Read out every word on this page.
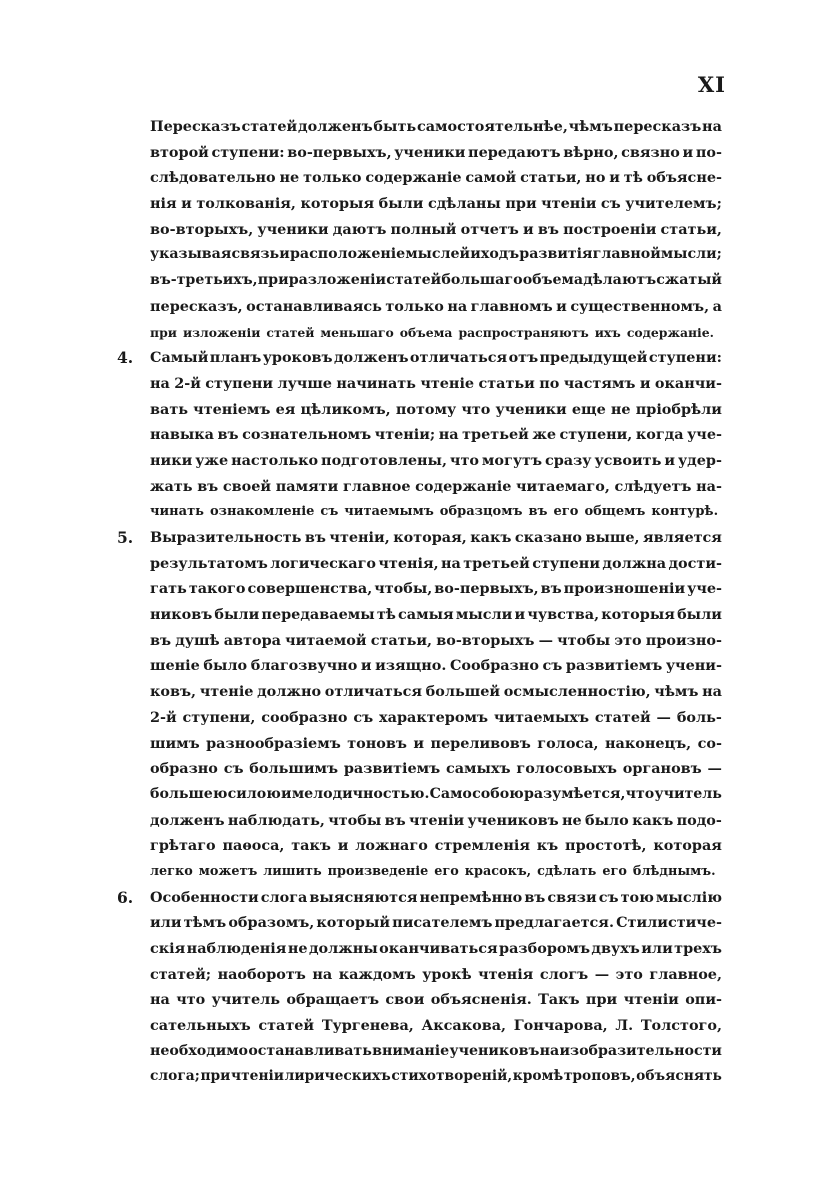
XI
Пересказъ статей долженъ быть самостоятельнѣе, чѣмъ пересказъ на
второй ступени: во-первыхъ, ученики передаютъ вѣрно, связно и по-
слѣдовательно не только содержаніе самой статьи, но и тѣ объясне-
нія и толкованія, которыя были сдѣланы при чтеніи съ учителемъ;
во-вторыхъ, ученики даютъ полный отчетъ и въ построеніи статьи,
указывая связь и расположеніе мыслей и ходъ развитія главной мысли;
въ-третьихъ, при разложеніи статей большаго объема дѣлаютъ сжатый
пересказъ, останавливаясь только на главномъ и существенномъ, а
при изложеніи статей меньшаго объема распространяютъ ихъ содержаніе.
4.	Самый планъ уроковъ долженъ отличаться отъ предыдущей ступени:
на 2-й ступени лучше начинать чтеніе статьи по частямъ и оканчи-
вать чтеніемъ ея цѣликомъ, потому что ученики еще не пріобрѣли
навыка въ сознательномъ чтеніи; на третьей же ступени, когда уче-
ники уже настолько подготовлены, что могутъ сразу усвоить и удер-
жать въ своей памяти главное содержаніе читаемаго, слѣдуетъ на-
чинать ознакомленіе съ читаемымъ образцомъ въ его общемъ контурѣ.
5.	Выразительность въ чтеніи, которая, какъ сказано выше, является
результатомъ логическаго чтенія, на третьей ступени должна дости-
гать такого совершенства, чтобы, во-первыхъ, въ произношеніи уче-
никовъ были передаваемы тѣ самыя мысли и чувства, которыя были
въ душѣ автора читаемой статьи, во-вторыхъ — чтобы это произно-
шеніе было благозвучно и изящно. Сообразно съ развитіемъ учени-
ковъ, чтеніе должно отличаться большей осмысленностію, чѣмъ на
2-й ступени, сообразно съ характеромъ читаемыхъ статей — боль-
шимъ разнообразіемъ тоновъ и переливовъ голоса, наконецъ, со-
образно съ большимъ развитіемъ самыхъ голосовыхъ органовъ —
большею силою и мелодичностью. Само собою разумѣется, что учитель
долженъ наблюдать, чтобы въ чтеніи учениковъ не было какъ подо-
грѣтаго паѳоса, такъ и ложнаго стремленія къ простотѣ, которая
легко можетъ лишить произведеніе его красокъ, сдѣлать его блѣднымъ.
6.	Особенности слога выясняются непремѣнно въ связи съ тою мыслію
или тѣмъ образомъ, который писателемъ предлагается. Стилистиче-
скія наблюденія не должны оканчиваться разборомъ двухъ или трехъ
статей; наоборотъ на каждомъ урокѣ чтенія слогъ — это главное,
на что учитель обращаетъ свои объясненія. Такъ при чтеніи опи-
сательныхъ статей Тургенева, Аксакова, Гончарова, Л. Толстого,
необходимо останавливать вниманіе учениковъ на изобразительности
слога; при чтеніи лирическихъ стихотвореній, кромѣ троповъ, объяснять
